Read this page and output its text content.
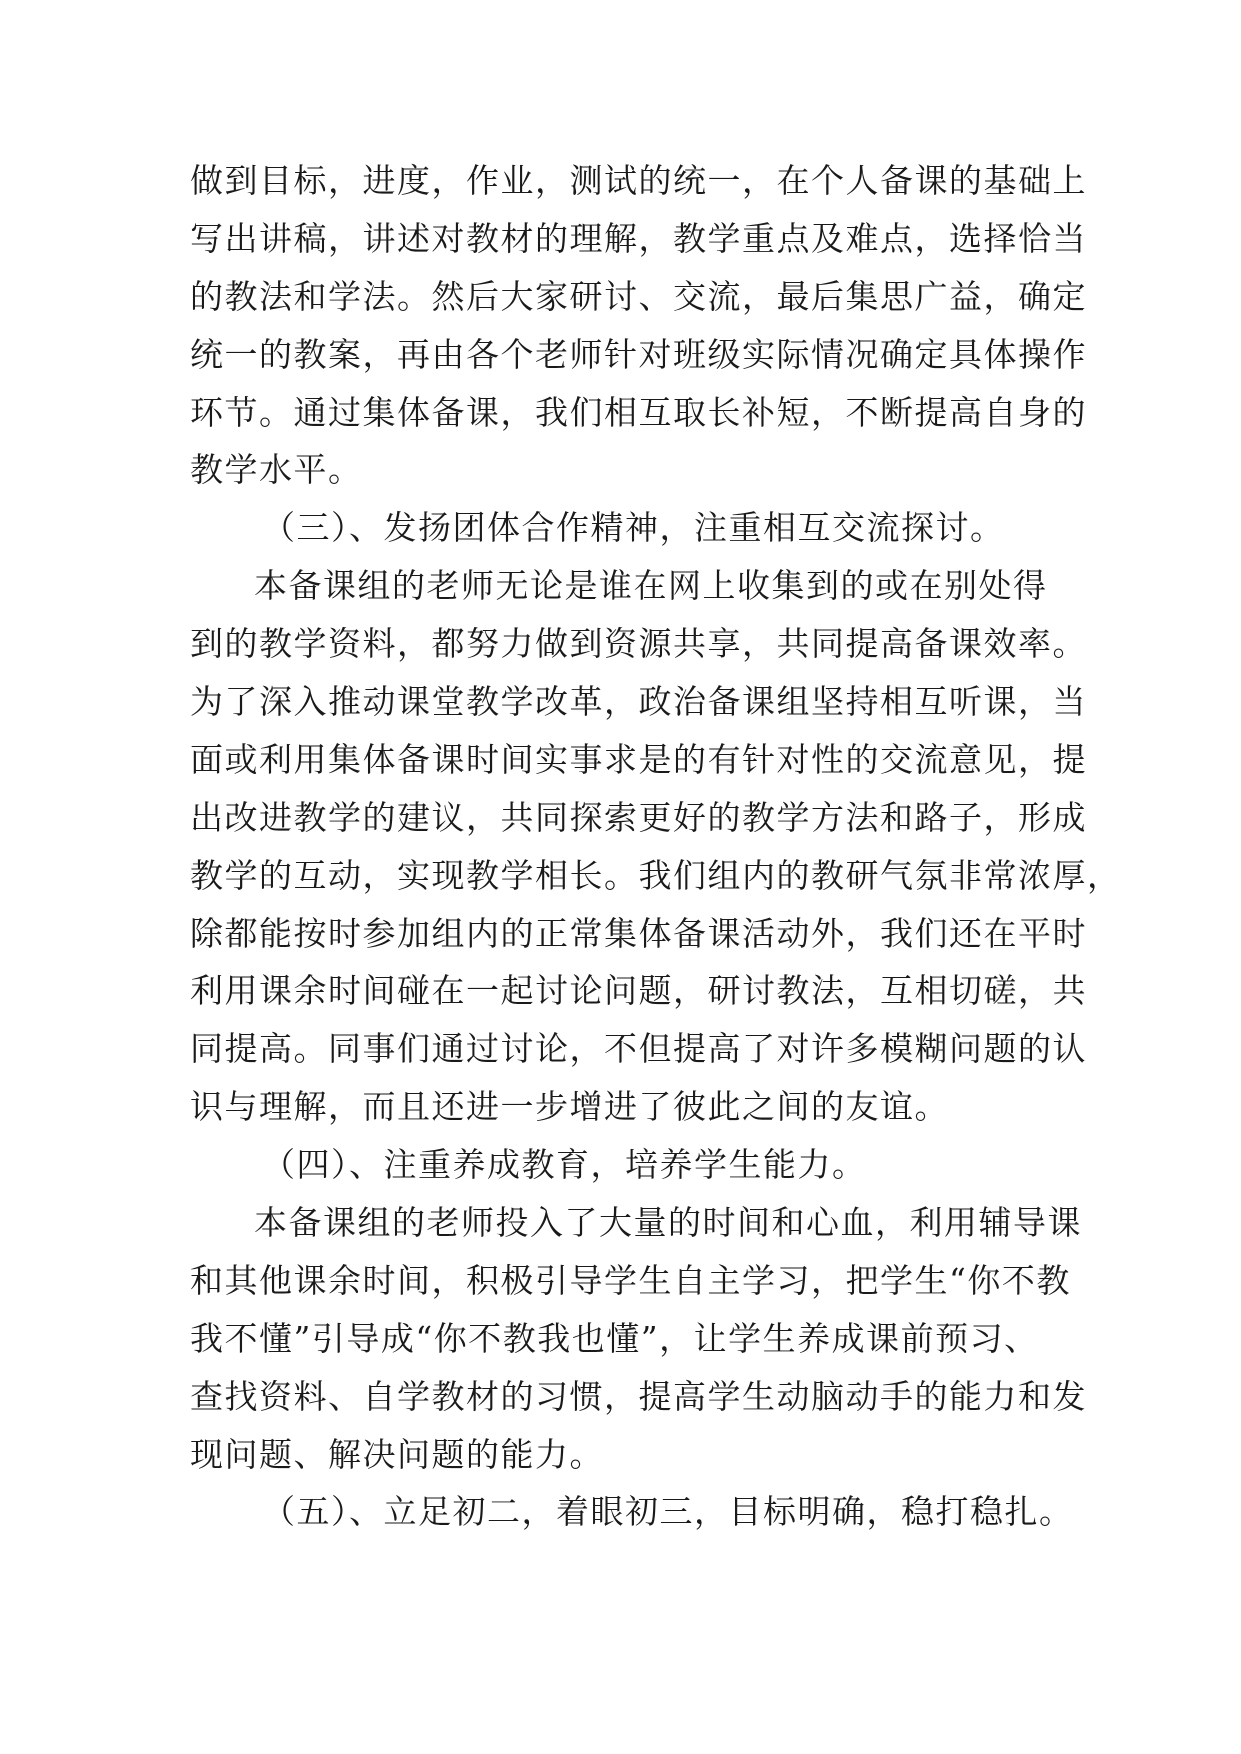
做到目标，进度，作业，测试的统一，在个人备课的基础上
写出讲稿，讲述对教材的理解，教学重点及难点，选择恰当
的教法和学法。然后大家研讨、交流，最后集思广益，确定
统一的教案，再由各个老师针对班级实际情况确定具体操作
环节。通过集体备课，我们相互取长补短，不断提高自身的
教学水平。
（三）、发扬团体合作精神，注重相互交流探讨。
本备课组的老师无论是谁在网上收集到的或在别处得
到的教学资料，都努力做到资源共享，共同提高备课效率。
为了深入推动课堂教学改革，政治备课组坚持相互听课，当
面或利用集体备课时间实事求是的有针对性的交流意见，提
出改进教学的建议，共同探索更好的教学方法和路子，形成
教学的互动，实现教学相长。我们组内的教研气氛非常浓厚，
除都能按时参加组内的正常集体备课活动外，我们还在平时
利用课余时间碰在一起讨论问题，研讨教法，互相切磋，共
同提高。同事们通过讨论，不但提高了对许多模糊问题的认
识与理解，而且还进一步增进了彼此之间的友谊。
（四）、注重养成教育，培养学生能力。
本备课组的老师投入了大量的时间和心血，利用辅导课
和其他课余时间，积极引导学生自主学习，把学生“你不教
我不懂”引导成“你不教我也懂”，让学生养成课前预习、
查找资料、自学教材的习惯，提高学生动脑动手的能力和发
现问题、解决问题的能力。
（五）、立足初二，着眼初三，目标明确，稳打稳扎。
